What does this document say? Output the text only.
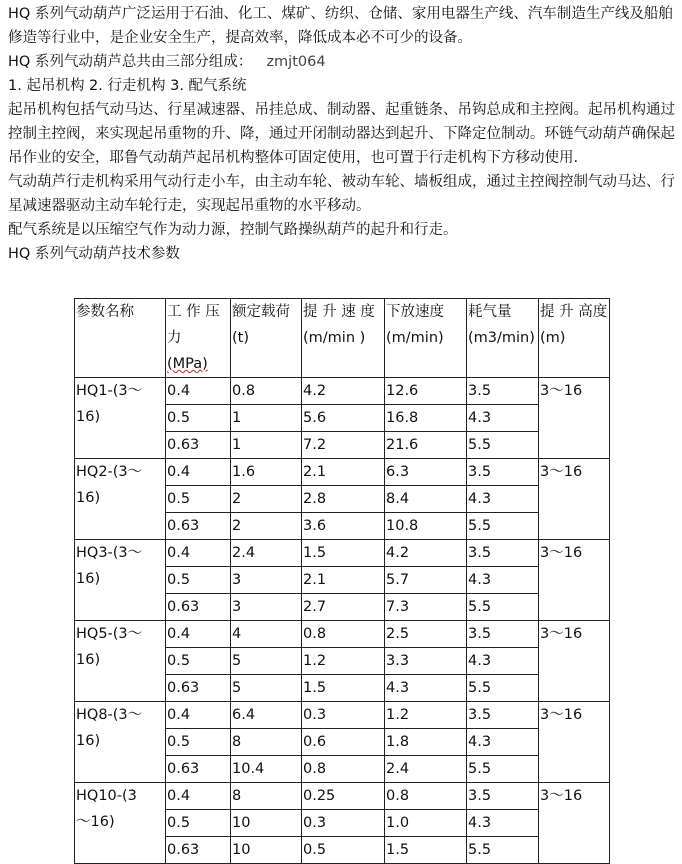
HQ 系列气动葫芦广泛运用于石油、化工、煤矿、纺织、仓储、家用电器生产线、汽车制造生产线及船舶修造等行业中，是企业安全生产，提高效率，降低成本必不可少的设备。

HQ 系列气动葫芦总共由三部分组成： zmjt064

1. 起吊机构 2. 行走机构 3. 配气系统

起吊机构包括气动马达、行星减速器、吊挂总成、制动器、起重链条、吊钩总成和主控阀。起吊机构通过控制主控阀，来实现起吊重物的升、降，通过开闭制动器达到起升、下降定位制动。环链气动葫芦确保起吊作业的安全，耶鲁气动葫芦起吊机构整体可固定使用，也可置于行走机构下方移动使用.

气动葫芦行走机构采用气动行走小车，由主动车轮、被动车轮、墙板组成，通过主控阀控制气动马达、行星减速器驱动主动车轮行走，实现起吊重物的水平移动。

配气系统是以压缩空气作为动力源，控制气路操纵葫芦的起升和行走。

HQ 系列气动葫芦技术参数

参数名称	工 作 压力
(MPa)	额定载荷(t)	提 升 速 度(m/min )	下放速度(m/min)	耗气量(m3/min)	提 升 高度(m)
HQ1-(3～16)	0.4	0.8	4.2	12.6	3.5	3～16
	0.5	1	5.6	16.8	4.3	
	0.63	1	7.2	21.6	5.5	
HQ2-(3～16)	0.4	1.6	2.1	6.3	3.5	3～16
	0.5	2	2.8	8.4	4.3	
	0.63	2	3.6	10.8	5.5	
HQ3-(3～16)	0.4	2.4	1.5	4.2	3.5	3～16
	0.5	3	2.1	5.7	4.3	
	0.63	3	2.7	7.3	5.5	
HQ5-(3～16)	0.4	4	0.8	2.5	3.5	3～16
	0.5	5	1.2	3.3	4.3	
	0.63	5	1.5	4.3	5.5	
HQ8-(3～16)	0.4	6.4	0.3	1.2	3.5	3～16
	0.5	8	0.6	1.8	4.3	
	0.63	10.4	0.8	2.4	5.5	
HQ10-(3　～16)	0.4	8	0.25	0.8	3.5	3～16
	0.5	10	0.3	1.0	4.3	
	0.63	10	0.5	1.5	5.5	
